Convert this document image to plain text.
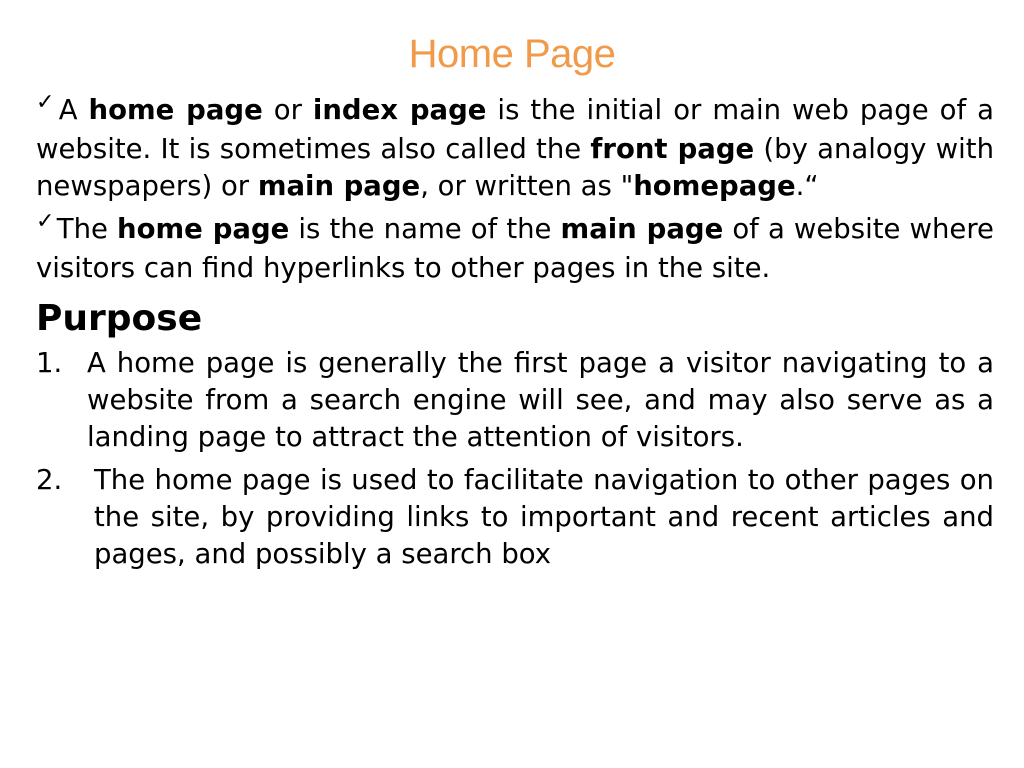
Home Page

✓A home page or index page is the initial or main web page of a website. It is sometimes also called the front page (by analogy with newspapers) or main page, or written as "homepage.“

✓The home page is the name of the main page of a website where visitors can find hyperlinks to other pages in the site.

Purpose
1. A home page is generally the first page a visitor navigating to a website from a search engine will see, and may also serve as a landing page to attract the attention of visitors.
2.	The home page is used to facilitate navigation to other pages on the site, by providing links to important and recent articles and pages, and possibly a search box
